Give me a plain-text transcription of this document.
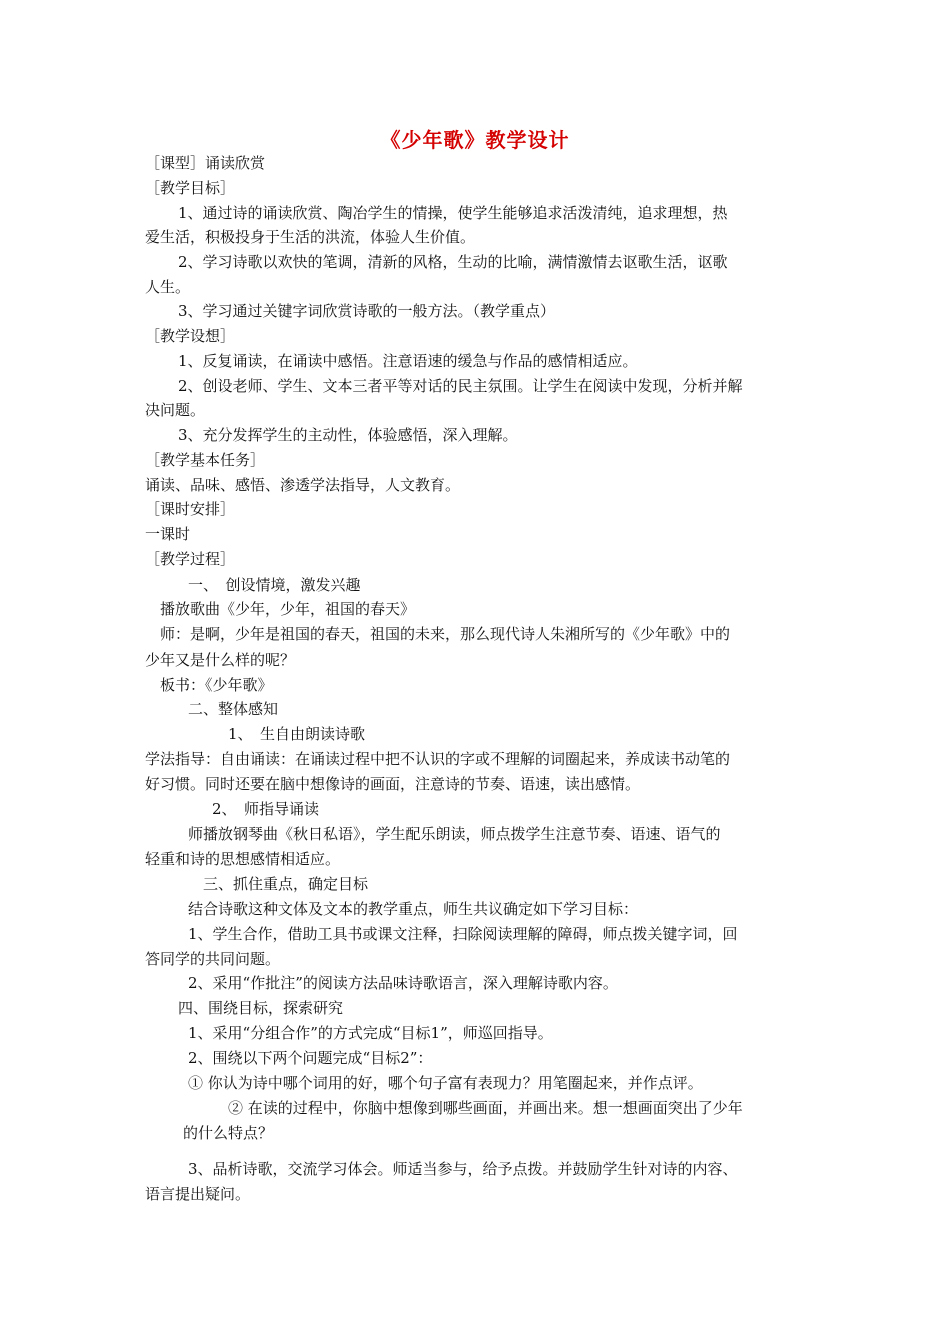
《少年歌》教学设计
［课型］诵读欣赏
［教学目标］
1、通过诗的诵读欣赏、陶冶学生的情操，使学生能够追求活泼清纯，追求理想，热
爱生活，积极投身于生活的洪流，体验人生价值。
2、学习诗歌以欢快的笔调，清新的风格，生动的比喻，满情激情去讴歌生活，讴歌
人生。
3、学习通过关键字词欣赏诗歌的一般方法。（教学重点）
［教学设想］
1、反复诵读，在诵读中感悟。注意语速的缓急与作品的感情相适应。
2、创设老师、学生、文本三者平等对话的民主氛围。让学生在阅读中发现，分析并解
决问题。
3、充分发挥学生的主动性，体验感悟，深入理解。
［教学基本任务］
诵读、品味、感悟、渗透学法指导，人文教育。
［课时安排］
一课时
［教学过程］
一、　创设情境，激发兴趣
播放歌曲《少年，少年，祖国的春天》
师：是啊，少年是祖国的春天，祖国的未来，那么现代诗人朱湘所写的《少年歌》中的
少年又是什么样的呢？
板书：《少年歌》
二、整体感知
1、　生自由朗读诗歌
学法指导：自由诵读：在诵读过程中把不认识的字或不理解的词圈起来，养成读书动笔的
好习惯。同时还要在脑中想像诗的画面，注意诗的节奏、语速，读出感情。
2、　师指导诵读
师播放钢琴曲《秋日私语》，学生配乐朗读，师点拨学生注意节奏、语速、语气的
轻重和诗的思想感情相适应。
三、抓住重点，确定目标
结合诗歌这种文体及文本的教学重点，师生共议确定如下学习目标：
1、学生合作，借助工具书或课文注释，扫除阅读理解的障碍，师点拨关键字词，回
答同学的共同问题。
2、采用“作批注”的阅读方法品味诗歌语言，深入理解诗歌内容。
四、围绕目标，探索研究
1、采用“分组合作”的方式完成“目标1”，师巡回指导。
2、围绕以下两个问题完成“目标2”：
① 你认为诗中哪个词用的好，哪个句子富有表现力？用笔圈起来，并作点评。
② 在读的过程中，你脑中想像到哪些画面，并画出来。想一想画面突出了少年
的什么特点？
3、品析诗歌，交流学习体会。师适当参与，给予点拨。并鼓励学生针对诗的内容、
语言提出疑问。
